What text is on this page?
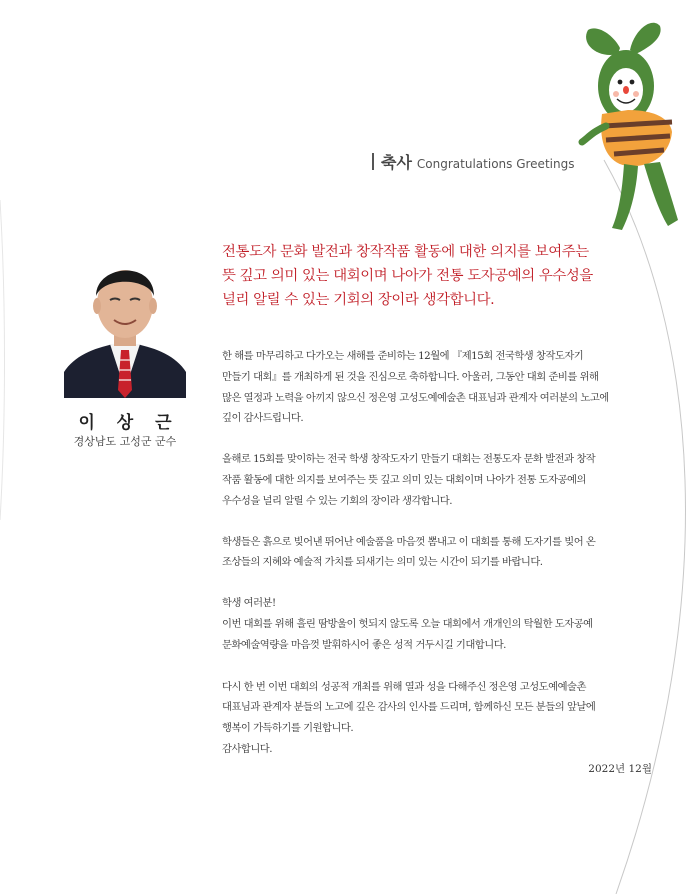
축사 Congratulations Greetings
이 상 근
경상남도 고성군 군수
전통도자 문화 발전과 창작작품 활동에 대한 의지를 보여주는
뜻 깊고 의미 있는 대회이며 나아가 전통 도자공예의 우수성을
널리 알릴 수 있는 기회의 장이라 생각합니다.
한 해를 마무리하고 다가오는 새해를 준비하는 12월에 『제15회 전국학생 창작도자기
만들기 대회』를 개최하게 된 것을 진심으로 축하합니다. 아울러, 그동안 대회 준비를 위해
많은 열정과 노력을 아끼지 않으신 정은영 고성도예예술촌 대표님과 관계자 여러분의 노고에
깊이 감사드립니다.
올해로 15회를 맞이하는 전국 학생 창작도자기 만들기 대회는 전통도자 문화 발전과 창작
작품 활동에 대한 의지를 보여주는 뜻 깊고 의미 있는 대회이며 나아가 전통 도자공예의
우수성을 널리 알릴 수 있는 기회의 장이라 생각합니다.
학생들은 흙으로 빚어낸 뛰어난 예술품을 마음껏 뽐내고 이 대회를 통해 도자기를 빚어 온
조상들의 지혜와 예술적 가치를 되새기는 의미 있는 시간이 되기를 바랍니다.
학생 여러분!
이번 대회를 위해 흘린 땀방울이 헛되지 않도록 오늘 대회에서 개개인의 탁월한 도자공예
문화예술역량을 마음껏 발휘하시어 좋은 성적 거두시길 기대합니다.
다시 한 번 이번 대회의 성공적 개최를 위해 열과 성을 다해주신 정은영 고성도예예술촌
대표님과 관계자 분들의 노고에 깊은 감사의 인사를 드리며, 함께하신 모든 분들의 앞날에
행복이 가득하기를 기원합니다.
감사합니다.
2022년 12월
